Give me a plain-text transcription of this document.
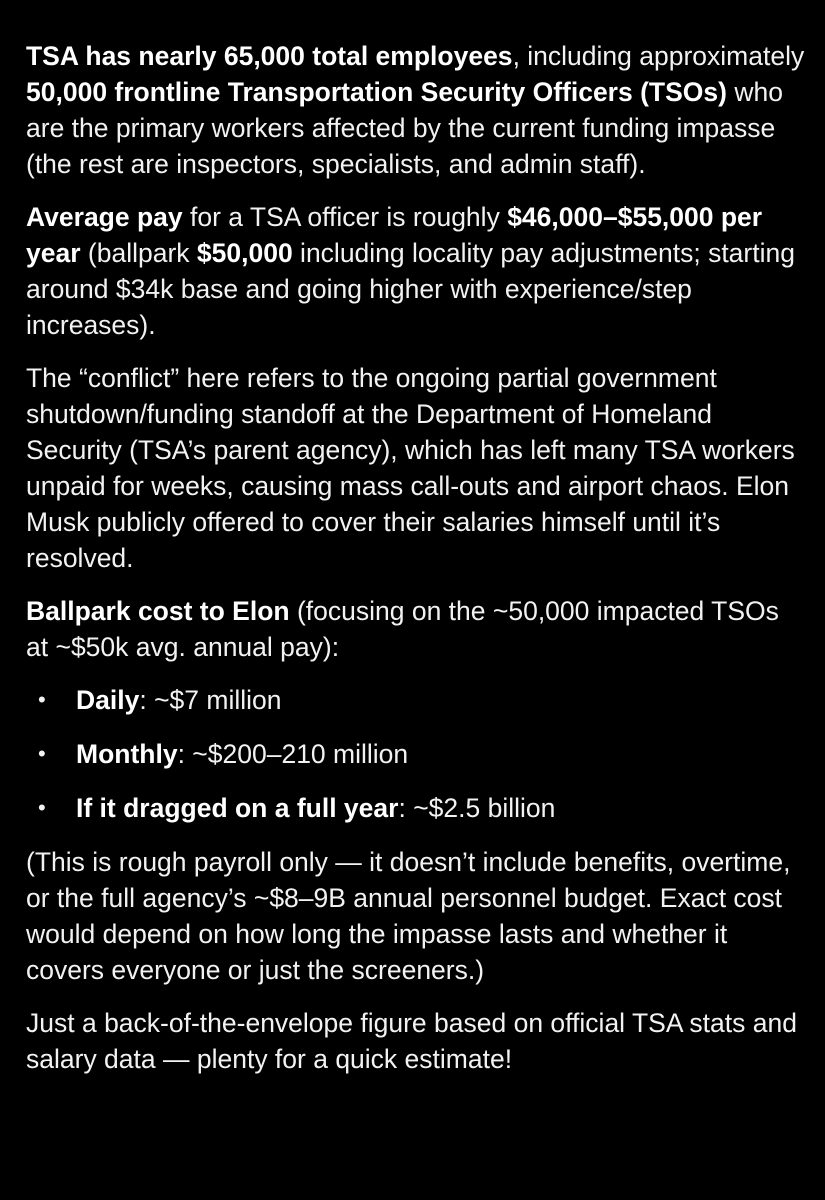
TSA has nearly 65,000 total employees, including approximately 50,000 frontline Transportation Security Officers (TSOs) who are the primary workers affected by the current funding impasse (the rest are inspectors, specialists, and admin staff).

Average pay for a TSA officer is roughly $46,000–$55,000 per year (ballpark $50,000 including locality pay adjustments; starting around $34k base and going higher with experience/step increases).

The “conflict” here refers to the ongoing partial government shutdown/funding standoff at the Department of Homeland Security (TSA’s parent agency), which has left many TSA workers unpaid for weeks, causing mass call-outs and airport chaos. Elon Musk publicly offered to cover their salaries himself until it’s resolved.

Ballpark cost to Elon (focusing on the ~50,000 impacted TSOs at ~$50k avg. annual pay):

• Daily: ~$7 million
• Monthly: ~$200–210 million
• If it dragged on a full year: ~$2.5 billion

(This is rough payroll only — it doesn’t include benefits, overtime, or the full agency’s ~$8–9B annual personnel budget. Exact cost would depend on how long the impasse lasts and whether it covers everyone or just the screeners.)

Just a back-of-the-envelope figure based on official TSA stats and salary data — plenty for a quick estimate!
